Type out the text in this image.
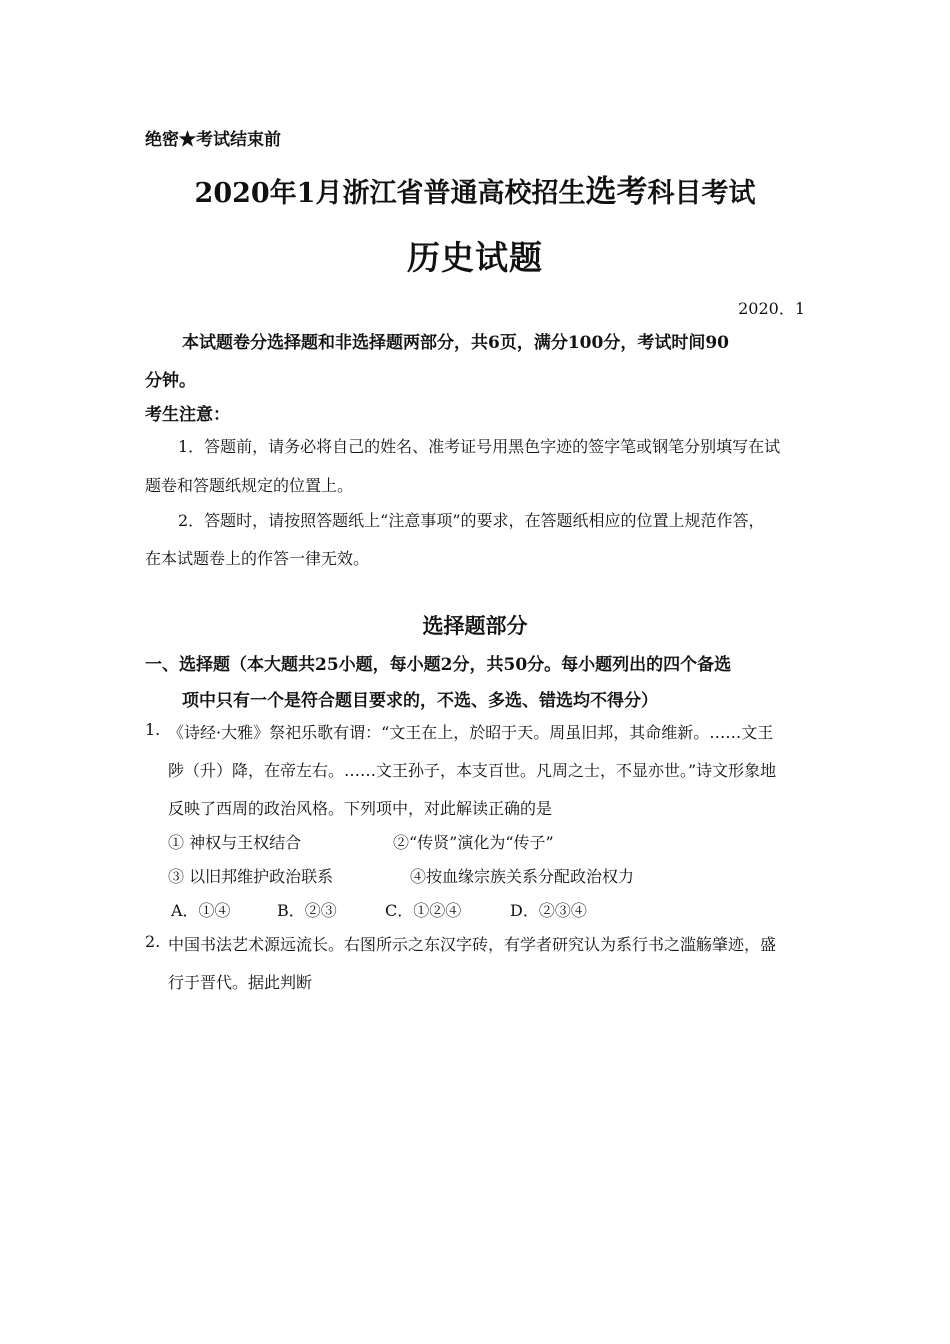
绝密★考试结束前
2020年1月浙江省普通高校招生选考科目考试
历史试题
2020．1
本试题卷分选择题和非选择题两部分，共6页，满分100分，考试时间90
分钟。
考生注意：
1．答题前，请务必将自己的姓名、准考证号用黑色字迹的签字笔或钢笔分别填写在试
题卷和答题纸规定的位置上。
2．答题时，请按照答题纸上“注意事项”的要求，在答题纸相应的位置上规范作答，
在本试题卷上的作答一律无效。
选择题部分
一、选择题（本大题共25小题，每小题2分，共50分。每小题列出的四个备选
项中只有一个是符合题目要求的，不选、多选、错选均不得分）
1. 《诗经·大雅》祭祀乐歌有谓：“文王在上，於昭于天。周虽旧邦，其命维新。……文王
陟（升）降，在帝左右。……文王孙子，本支百世。凡周之士，不显亦世。”诗文形象地
反映了西周的政治风格。下列项中，对此解读正确的是
① 神权与王权结合	②“传贤”演化为“传子”
③ 以旧邦维护政治联系	④按血缘宗族关系分配政治权力
A．①④	B．②③	C．①②④	D．②③④
2. 中国书法艺术源远流长。右图所示之东汉字砖，有学者研究认为系行书之滥觞肇迹，盛
行于晋代。据此判断
